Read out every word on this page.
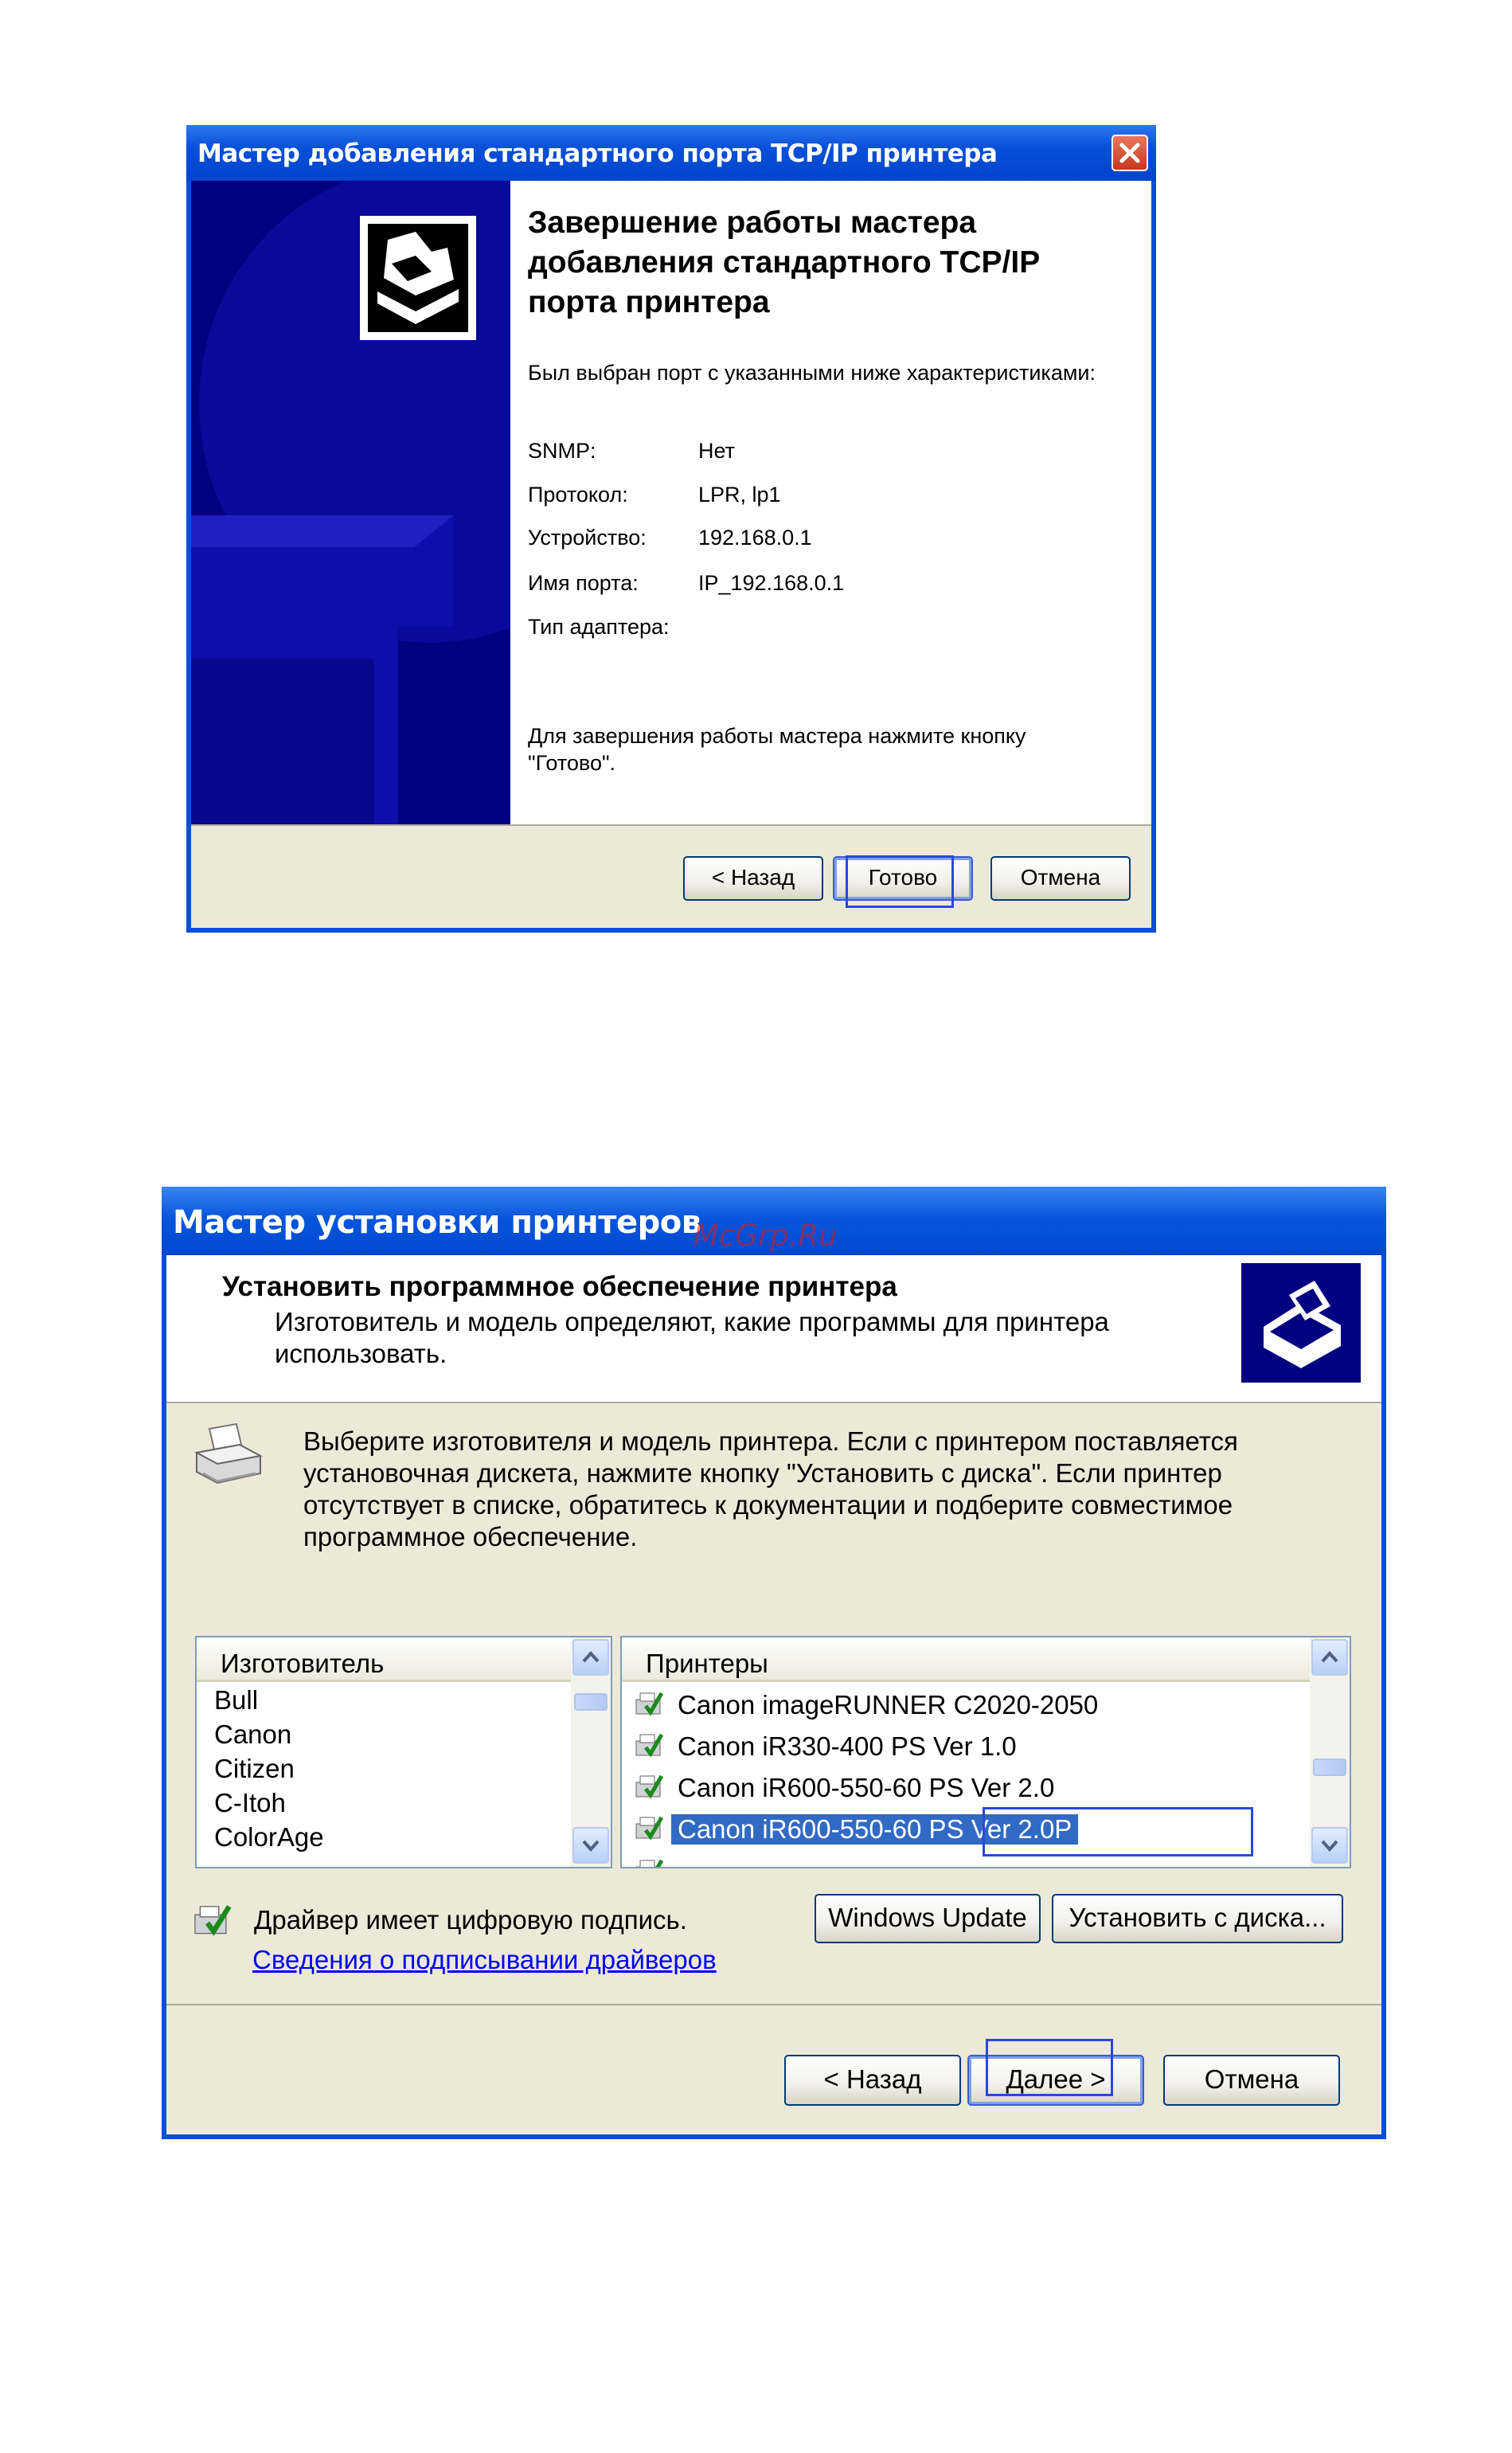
Мастер добавления стандартного порта TCP/IP принтера
Завершение работы мастера
добавления стандартного TCP/IP
порта принтера
Был выбран порт с указанными ниже характеристиками:
SNMP:	Нет
Протокол:	LPR, lp1
Устройство: 192.168.0.1
Имя порта:	IP_192.168.0.1
Тип адаптера:
Для завершения работы мастера нажмите кнопку
"Готово".
< Назад	Готово	Отмена
Мастер установки принтеров
McGrp.Ru
Установить программное обеспечение принтера
Изготовитель и модель определяют, какие программы для принтера
использовать.
Выберите изготовителя и модель принтера. Если с принтером поставляется
установочная дискета, нажмите кнопку "Установить с диска". Если принтер
отсутствует в списке, обратитесь к документации и подберите совместимое
программное обеспечение.
Изготовитель
Bull
Canon
Citizen
C-Itoh
ColorAge
Принтеры
Canon imageRUNNER C2020-2050
Canon iR330-400 PS Ver 1.0
Canon iR600-550-60 PS Ver 2.0
Canon iR600-550-60 PS Ver 2.0P
Драйвер имеет цифровую подпись.
Сведения о подписывании драйверов
Windows Update	Установить с диска...
< Назад	Далее >	Отмена
